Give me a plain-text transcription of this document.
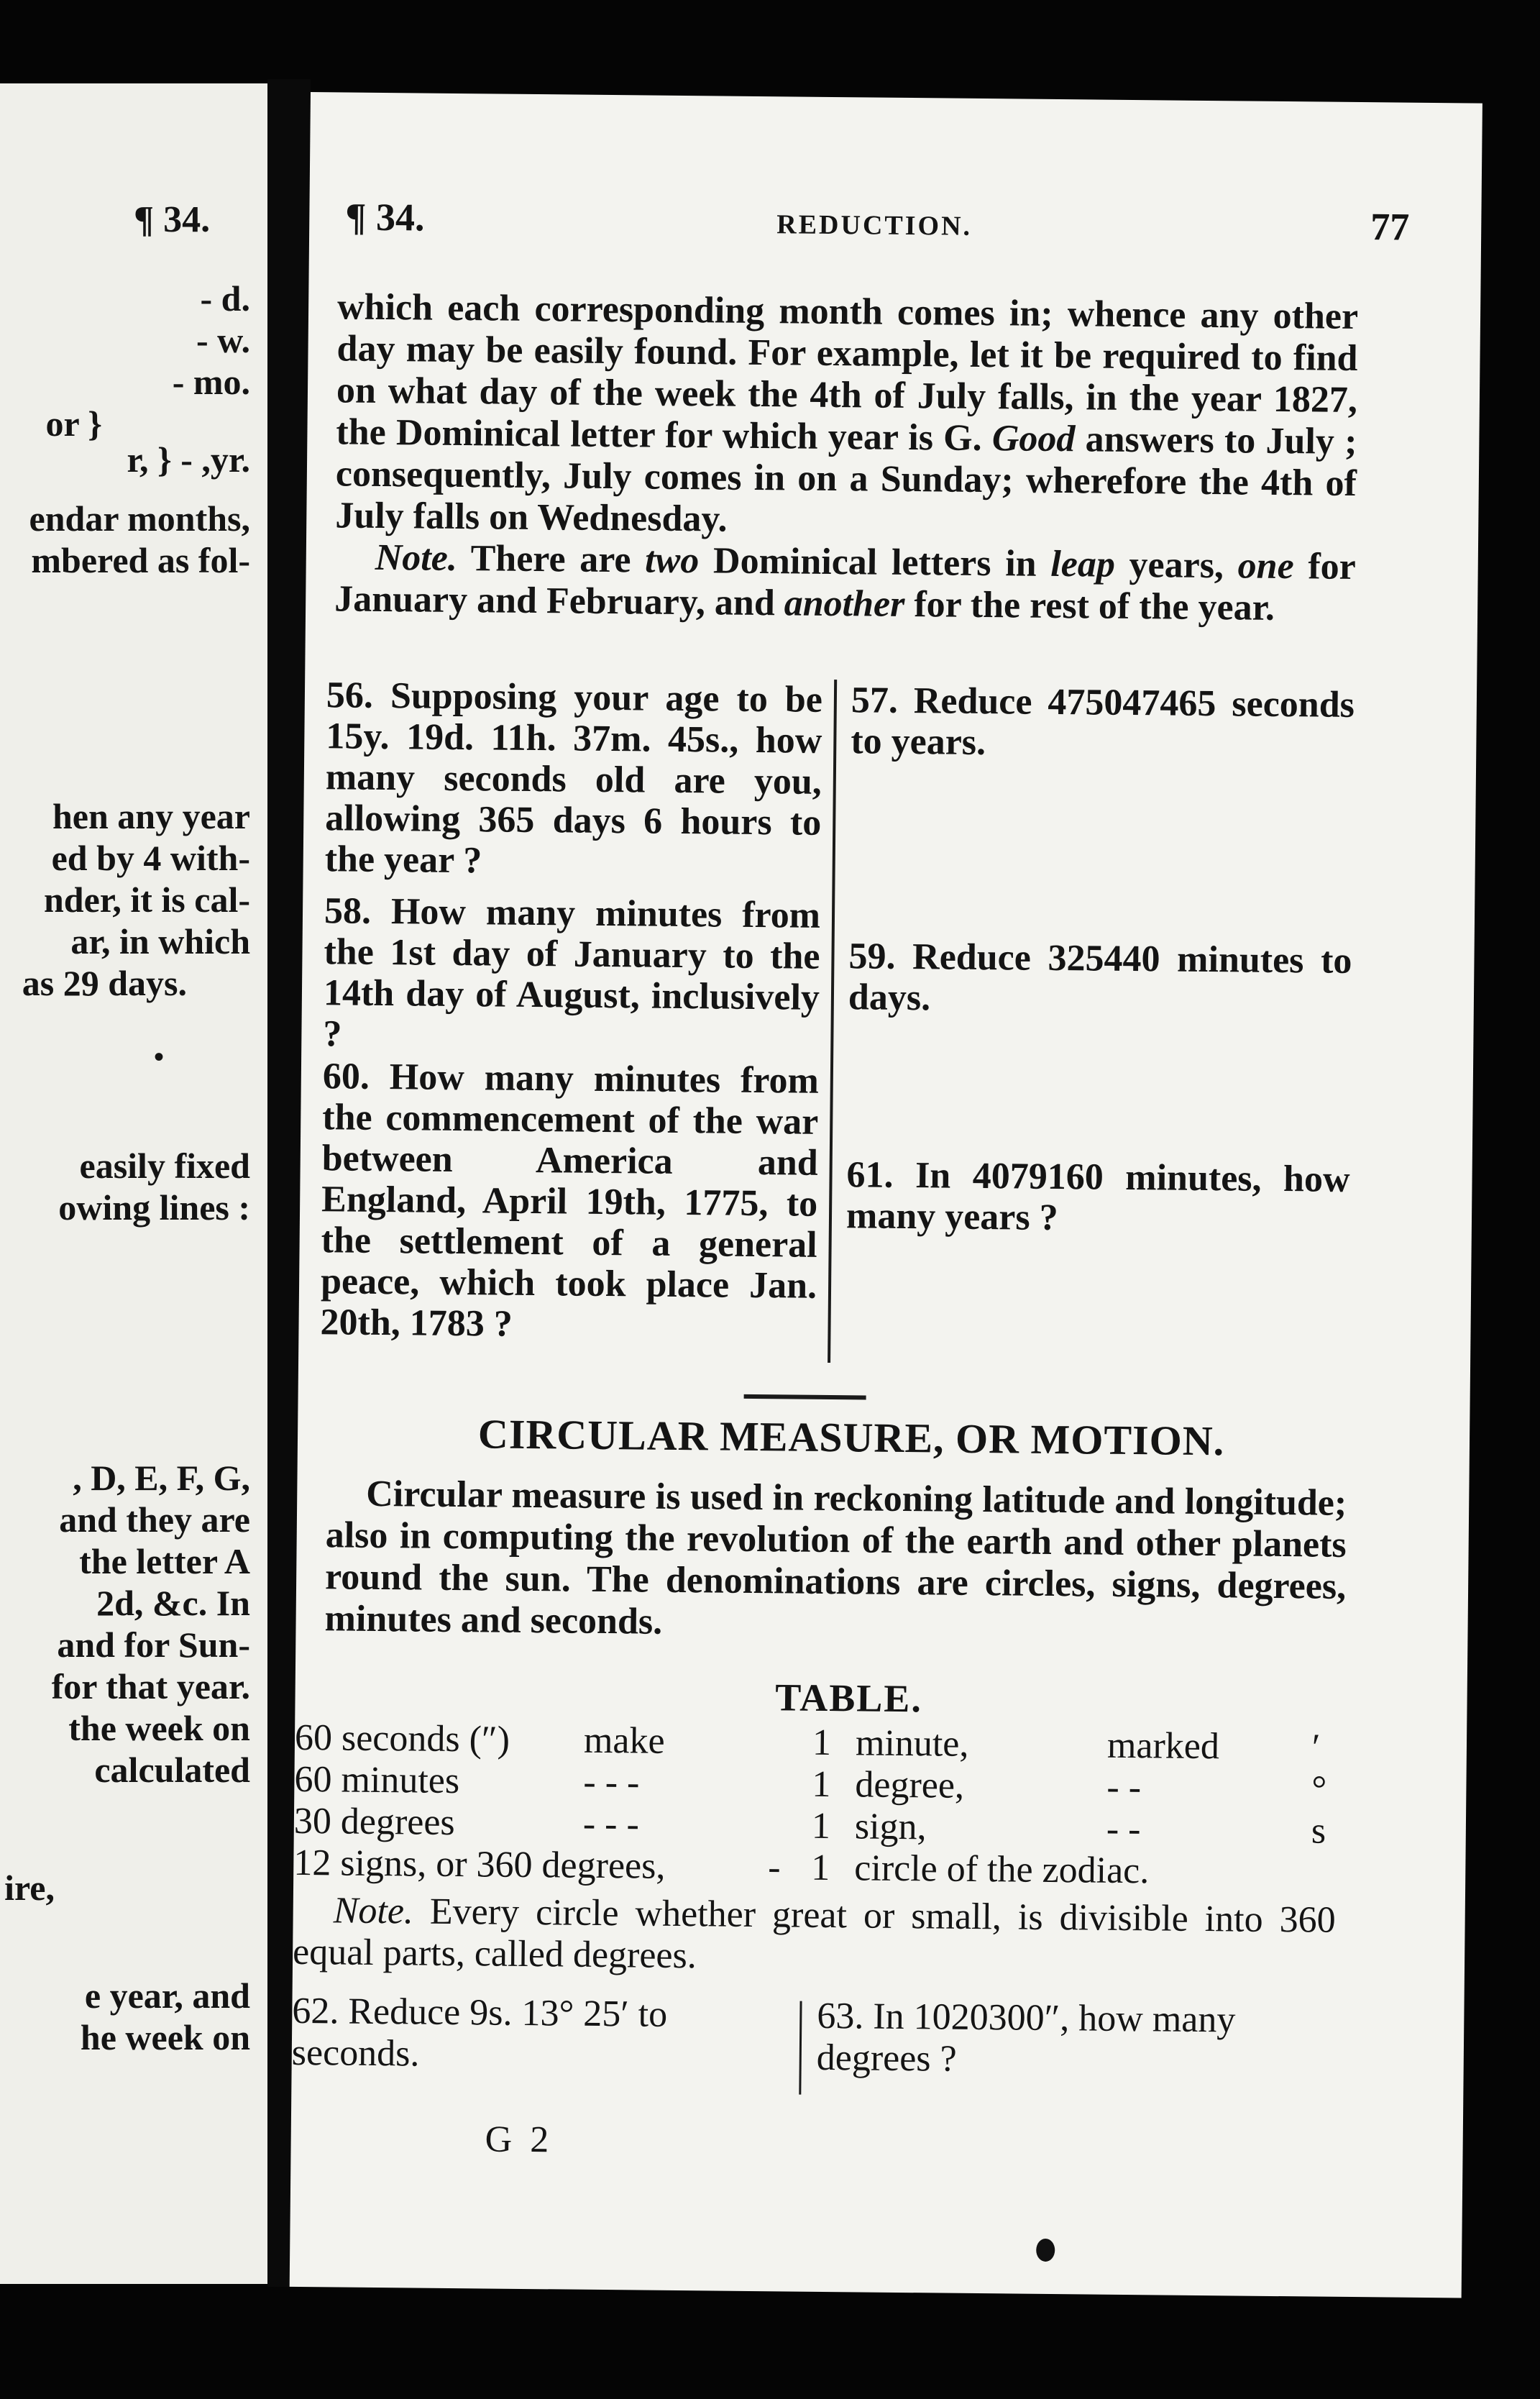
¶ 34.
- d.
- w.
- mo.
or }
r, } - ,yr.
endar months,
mbered as fol-
hen any year
ed by 4 with-
nder, it is cal-
ar, in which
as 29 days.
•
easily fixed
owing lines :
, D, E, F, G,
and they are
the letter A
2d, &c. In
and for Sun-
for that year.
the week on
calculated
ire,
e year, and
he week on
¶ 34.	REDUCTION.	77

which each corresponding month comes in; whence any other day may be easily found. For example, let it be required to find on what day of the week the 4th of July falls, in the year 1827, the Dominical letter for which year is G. Good answers to July ; consequently, July comes in on a Sunday; wherefore the 4th of July falls on Wednesday.

Note. There are two Dominical letters in leap years, one for January and February, and another for the rest of the year.

56. Supposing your age to be 15y. 19d. 11h. 37m. 45s., how many seconds old are you, allowing 365 days 6 hours to the year ?
57. Reduce 475047465 seconds to years.
58. How many minutes from the 1st day of January to the 14th day of August, inclusively ?
59. Reduce 325440 minutes to days.
60. How many minutes from the commencement of the war between America and England, April 19th, 1775, to the settlement of a general peace, which took place Jan. 20th, 1783 ?
61. In 4079160 minutes, how many years ?
CIRCULAR MEASURE, OR MOTION.

Circular measure is used in reckoning latitude and longitude; also in computing the revolution of the earth and other planets round the sun. The denominations are circles, signs, degrees, minutes and seconds.

TABLE.
60 seconds (″) make	1 minute,	marked ′
60 minutes	- - -	1 degree,	- -	°
30 degrees	- - -	1 sign,	- -	s
12 signs, or 360 degrees,	- 1 circle of the zodiac.

Note. Every circle whether great or small, is divisible into 360 equal parts, called degrees.

62. Reduce 9s. 13° 25′ to seconds.
63. In 1020300″, how many degrees ?
G 2
